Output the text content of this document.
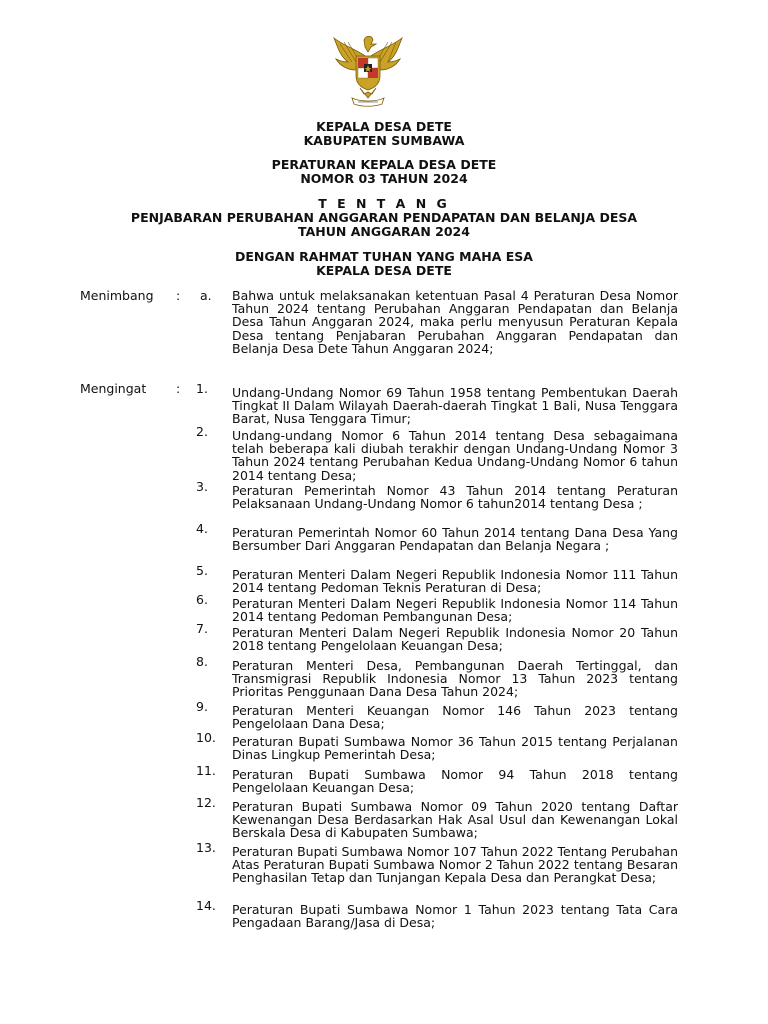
KEPALA DESA DETE
KABUPATEN SUMBAWA
PERATURAN KEPALA DESA DETE
NOMOR 03 TAHUN 2024
T E N T A N G
PENJABARAN PERUBAHAN ANGGARAN PENDAPATAN DAN BELANJA DESA
TAHUN ANGGARAN 2024
DENGAN RAHMAT TUHAN YANG MAHA ESA
KEPALA DESA DETE
Menimbang : a. Bahwa untuk melaksanakan ketentuan Pasal 4 Peraturan Desa Nomor Tahun 2024 tentang Perubahan Anggaran Pendapatan dan Belanja Desa Tahun Anggaran 2024, maka perlu menyusun Peraturan Kepala Desa tentang Penjabaran Perubahan Anggaran Pendapatan dan Belanja Desa Dete Tahun Anggaran 2024;
Mengingat : 1.	Undang-Undang Nomor 69 Tahun 1958 tentang Pembentukan Daerah Tingkat II Dalam Wilayah Daerah-daerah Tingkat 1 Bali, Nusa Tenggara Barat, Nusa Tenggara Timur;
2.	Undang-undang Nomor 6 Tahun 2014 tentang Desa sebagaimana telah beberapa kali diubah terakhir dengan Undang-Undang Nomor 3 Tahun 2024 tentang Perubahan Kedua Undang-Undang Nomor 6 tahun 2014 tentang Desa;
3.	Peraturan Pemerintah Nomor 43 Tahun 2014 tentang Peraturan Pelaksanaan Undang-Undang Nomor 6 tahun2014 tentang Desa ;
4.	Peraturan Pemerintah Nomor 60 Tahun 2014 tentang Dana Desa Yang Bersumber Dari Anggaran Pendapatan dan Belanja Negara ;
5.	Peraturan Menteri Dalam Negeri Republik Indonesia Nomor 111 Tahun 2014 tentang Pedoman Teknis Peraturan di Desa;
6.	Peraturan Menteri Dalam Negeri Republik Indonesia Nomor 114 Tahun 2014 tentang Pedoman Pembangunan Desa;
7.	Peraturan Menteri Dalam Negeri Republik Indonesia Nomor 20 Tahun 2018 tentang Pengelolaan Keuangan Desa;
8.	Peraturan Menteri Desa, Pembangunan Daerah Tertinggal, dan Transmigrasi Republik Indonesia Nomor 13 Tahun 2023 tentang Prioritas Penggunaan Dana Desa Tahun 2024;
9.	Peraturan Menteri Keuangan Nomor 146 Tahun 2023 tentang Pengelolaan Dana Desa;
10.	Peraturan Bupati Sumbawa Nomor 36 Tahun 2015 tentang Perjalanan Dinas Lingkup Pemerintah Desa;
11.	Peraturan Bupati Sumbawa Nomor 94 Tahun 2018 tentang Pengelolaan Keuangan Desa;
12.	Peraturan Bupati Sumbawa Nomor 09 Tahun 2020 tentang Daftar Kewenangan Desa Berdasarkan Hak Asal Usul dan Kewenangan Lokal Berskala Desa di Kabupaten Sumbawa;
13.	Peraturan Bupati Sumbawa Nomor 107 Tahun 2022 Tentang Perubahan Atas Peraturan Bupati Sumbawa Nomor 2 Tahun 2022 tentang Besaran Penghasilan Tetap dan Tunjangan Kepala Desa dan Perangkat Desa;
14.	Peraturan Bupati Sumbawa Nomor 1 Tahun 2023 tentang Tata Cara Pengadaan Barang/Jasa di Desa;
